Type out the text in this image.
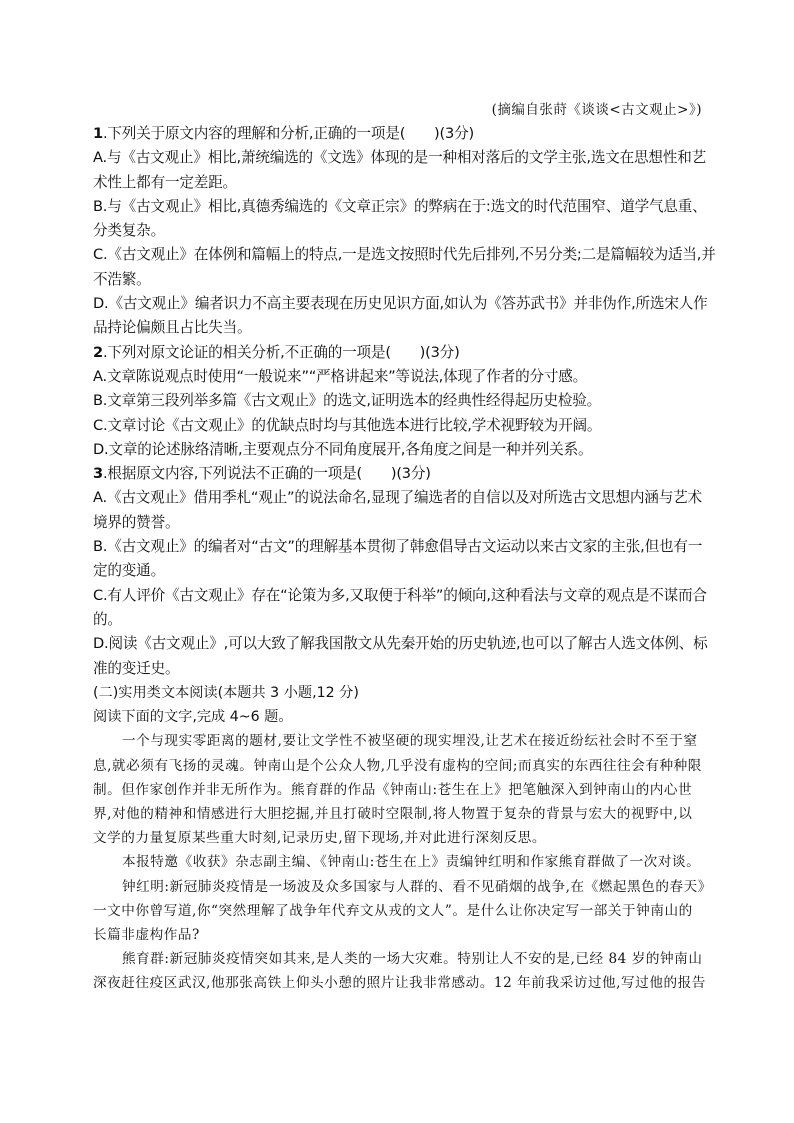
(摘编自张莳《谈谈<古文观止>》)
1.下列关于原文内容的理解和分析,正确的一项是(　　)(3分)
A.与《古文观止》相比,萧统编选的《文选》体现的是一种相对落后的文学主张,选文在思想性和艺
术性上都有一定差距。
B.与《古文观止》相比,真德秀编选的《文章正宗》的弊病在于:选文的时代范围窄、道学气息重、
分类复杂。
C.《古文观止》在体例和篇幅上的特点,一是选文按照时代先后排列,不另分类;二是篇幅较为适当,并
不浩繁。
D.《古文观止》编者识力不高主要表现在历史见识方面,如认为《答苏武书》并非伪作,所选宋人作
品持论偏颇且占比失当。
2.下列对原文论证的相关分析,不正确的一项是(　　)(3分)
A.文章陈说观点时使用“一般说来”“严格讲起来”等说法,体现了作者的分寸感。
B.文章第三段列举多篇《古文观止》的选文,证明选本的经典性经得起历史检验。
C.文章讨论《古文观止》的优缺点时均与其他选本进行比较,学术视野较为开阔。
D.文章的论述脉络清晰,主要观点分不同角度展开,各角度之间是一种并列关系。
3.根据原文内容,下列说法不正确的一项是(　　)(3分)
A.《古文观止》借用季札“观止”的说法命名,显现了编选者的自信以及对所选古文思想内涵与艺术
境界的赞誉。
B.《古文观止》的编者对“古文”的理解基本贯彻了韩愈倡导古文运动以来古文家的主张,但也有一
定的变通。
C.有人评价《古文观止》存在“论策为多,又取便于科举”的倾向,这种看法与文章的观点是不谋而合
的。
D.阅读《古文观止》,可以大致了解我国散文从先秦开始的历史轨迹,也可以了解古人选文体例、标
准的变迁史。
(二)实用类文本阅读(本题共 3 小题,12 分)
阅读下面的文字,完成 4~6 题。
一个与现实零距离的题材,要让文学性不被坚硬的现实埋没,让艺术在接近纷纭社会时不至于窒
息,就必须有飞扬的灵魂。钟南山是个公众人物,几乎没有虚构的空间;而真实的东西往往会有种种限
制。但作家创作并非无所作为。熊育群的作品《钟南山:苍生在上》把笔触深入到钟南山的内心世
界,对他的精神和情感进行大胆挖掘,并且打破时空限制,将人物置于复杂的背景与宏大的视野中,以
文学的力量复原某些重大时刻,记录历史,留下现场,并对此进行深刻反思。
本报特邀《收获》杂志副主编、《钟南山:苍生在上》责编钟红明和作家熊育群做了一次对谈。
钟红明:新冠肺炎疫情是一场波及众多国家与人群的、看不见硝烟的战争,在《燃起黑色的春天》
一文中你曾写道,你“突然理解了战争年代弃文从戎的文人”。是什么让你决定写一部关于钟南山的
长篇非虚构作品?
熊育群:新冠肺炎疫情突如其来,是人类的一场大灾难。特别让人不安的是,已经 84 岁的钟南山
深夜赶往疫区武汉,他那张高铁上仰头小憩的照片让我非常感动。12 年前我采访过他,写过他的报告
